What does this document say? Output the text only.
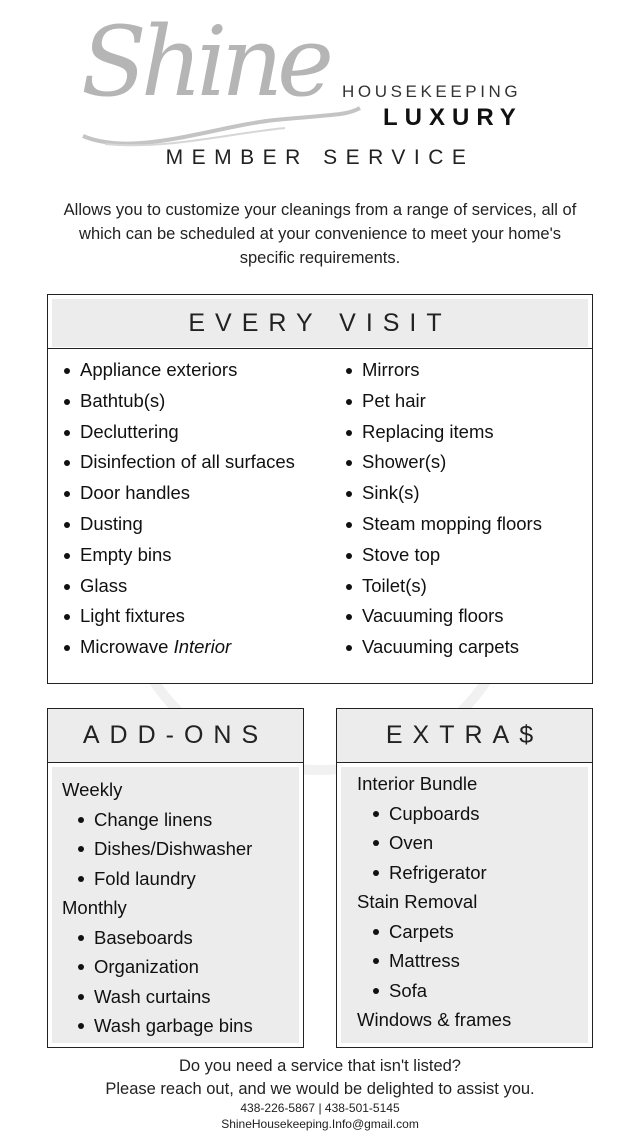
Shine HOUSEKEEPING
LUXURY
MEMBER SERVICE
Allows you to customize your cleanings from a range of services, all of which can be scheduled at your convenience to meet your home's specific requirements.
EVERY VISIT
Appliance exteriors
Bathtub(s)
Decluttering
Disinfection of all surfaces
Door handles
Dusting
Empty bins
Glass
Light fixtures
Microwave Interior
Mirrors
Pet hair
Replacing items
Shower(s)
Sink(s)
Steam mopping floors
Stove top
Toilet(s)
Vacuuming floors
Vacuuming carpets
ADD-ONS
Weekly
Change linens
Dishes/Dishwasher
Fold laundry
Monthly
Baseboards
Organization
Wash curtains
Wash garbage bins
EXTRA$
Interior Bundle
Cupboards
Oven
Refrigerator
Stain Removal
Carpets
Mattress
Sofa
Windows & frames
Do you need a service that isn't listed?
Please reach out, and we would be delighted to assist you.
438-226-5867 | 438-501-5145
ShineHousekeeping.Info@gmail.com
